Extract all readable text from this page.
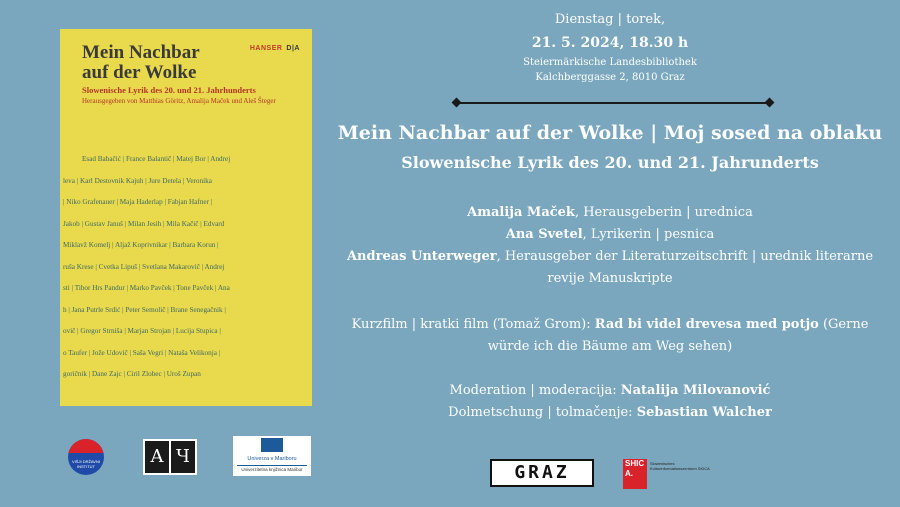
Mein Nachbar
auf der Wolke
HANSER D|A
Slowenische Lyrik des 20. und 21. Jahrhunderts
Herausgegeben von Matthias Göritz, Amalija Maček und Aleš Šteger
Esad Babačić | France Balantič | Matej Bor | Andrej
leva | Karl Destovnik Kajuh | Jure Detela | Veronika
| Niko Grafenauer | Maja Haderlap | Fabjan Hafner |
Jakob | Gustav Januš | Milan Jesih | Mila Kačič | Edvard
Miklavž Komelj | Aljaž Koprivnikar | Barbara Korun |
ruša Krese | Cvetka Lipuš | Svetlana Makarovič | Andrej
sti | Tibor Hrs Pandur | Marko Pavček | Tone Pavček | Ana
h | Jana Putrle Srdić | Peter Semolič | Brane Senegačnik |
ovič | Gregor Strniša | Marjan Strojan | Lucija Stupica |
o Taufer | Jože Udovič | Saša Vegri | Nataša Velikonja |
goričnik | Dane Zajc | Ciril Zlobec | Uroš Zupan
VIŠJI DRŽAVNI INSTITUT	A Ч	Univerza v Mariboru
Univerzitetna knjižnica Maribor
Dienstag | torek,
21. 5. 2024, 18.30 h
Steiermärkische Landesbibliothek
Kalchberggasse 2, 8010 Graz
Mein Nachbar auf der Wolke | Moj sosed na oblaku
Slowenische Lyrik des 20. und 21. Jahrunderts
Amalija Maček, Herausgeberin | urednica
Ana Svetel, Lyrikerin | pesnica
Andreas Unterweger, Herausgeber der Literaturzeitschrift | urednik literarne revije Manuskripte
Kurzfilm | kratki film (Tomaž Grom): Rad bi videl drevesa med potjo (Gerne würde ich die Bäume am Weg sehen)
Moderation | moderacija: Natalija Milovanović
Dolmetschung | tolmačenje: Sebastian Walcher
GRAZ	SHIC A.
Slowenisches Kulturinformationszentrum SKICA
